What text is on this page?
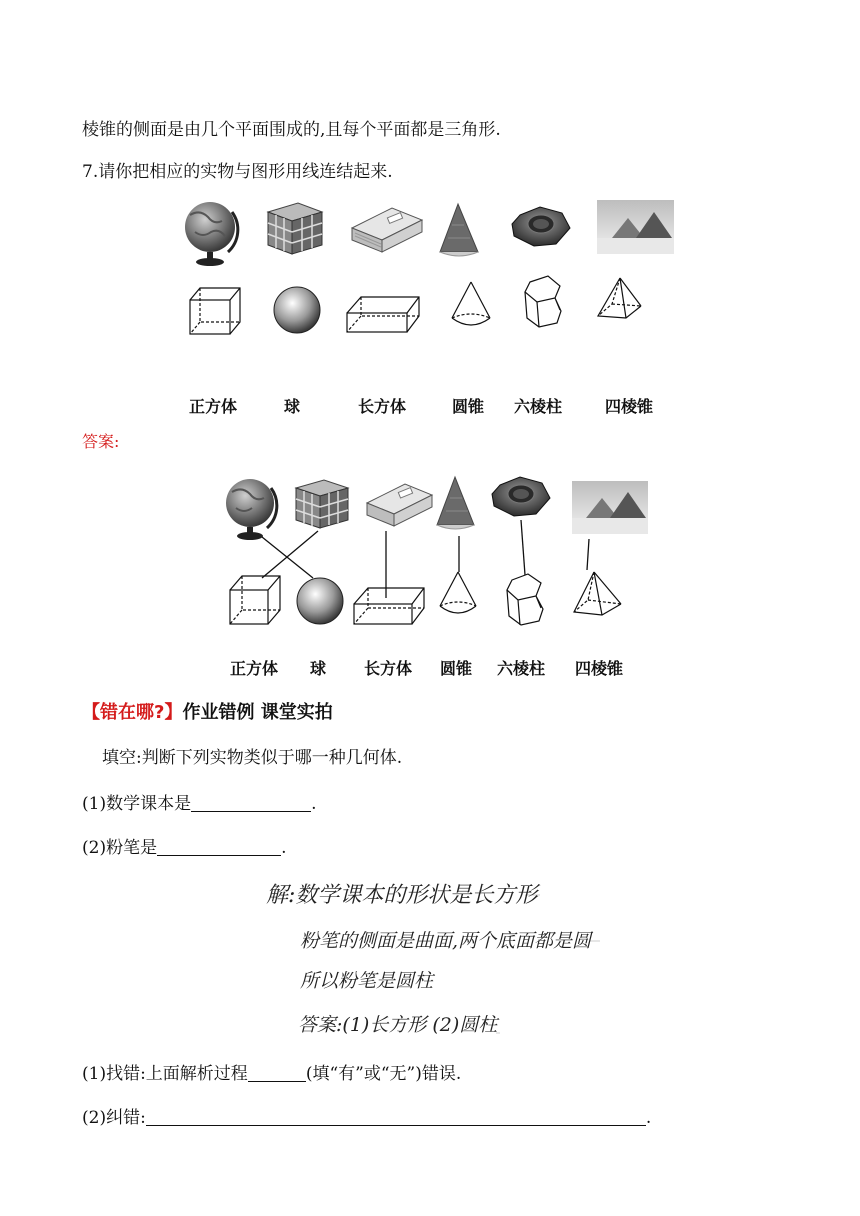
棱锥的侧面是由几个平面围成的,且每个平面都是三角形.
7.请你把相应的实物与图形用线连结起来.
正方体	球	长方体	圆锥	六棱柱	四棱锥
答案:
正方体	球	长方体	圆锥	六棱柱	四棱锥
【错在哪?】作业错例 课堂实拍
填空:判断下列实物类似于哪一种几何体.
(1)数学课本是	.
(2)粉笔是	.
解:数学课本的形状是长方形
粉笔的侧面是曲面,两个底面都是圆
所以粉笔是圆柱
答案:(1)长方形 (2)圆柱
(1)找错:上面解析过程	(填“有”或“无”)错误.
(2)纠错:	.
